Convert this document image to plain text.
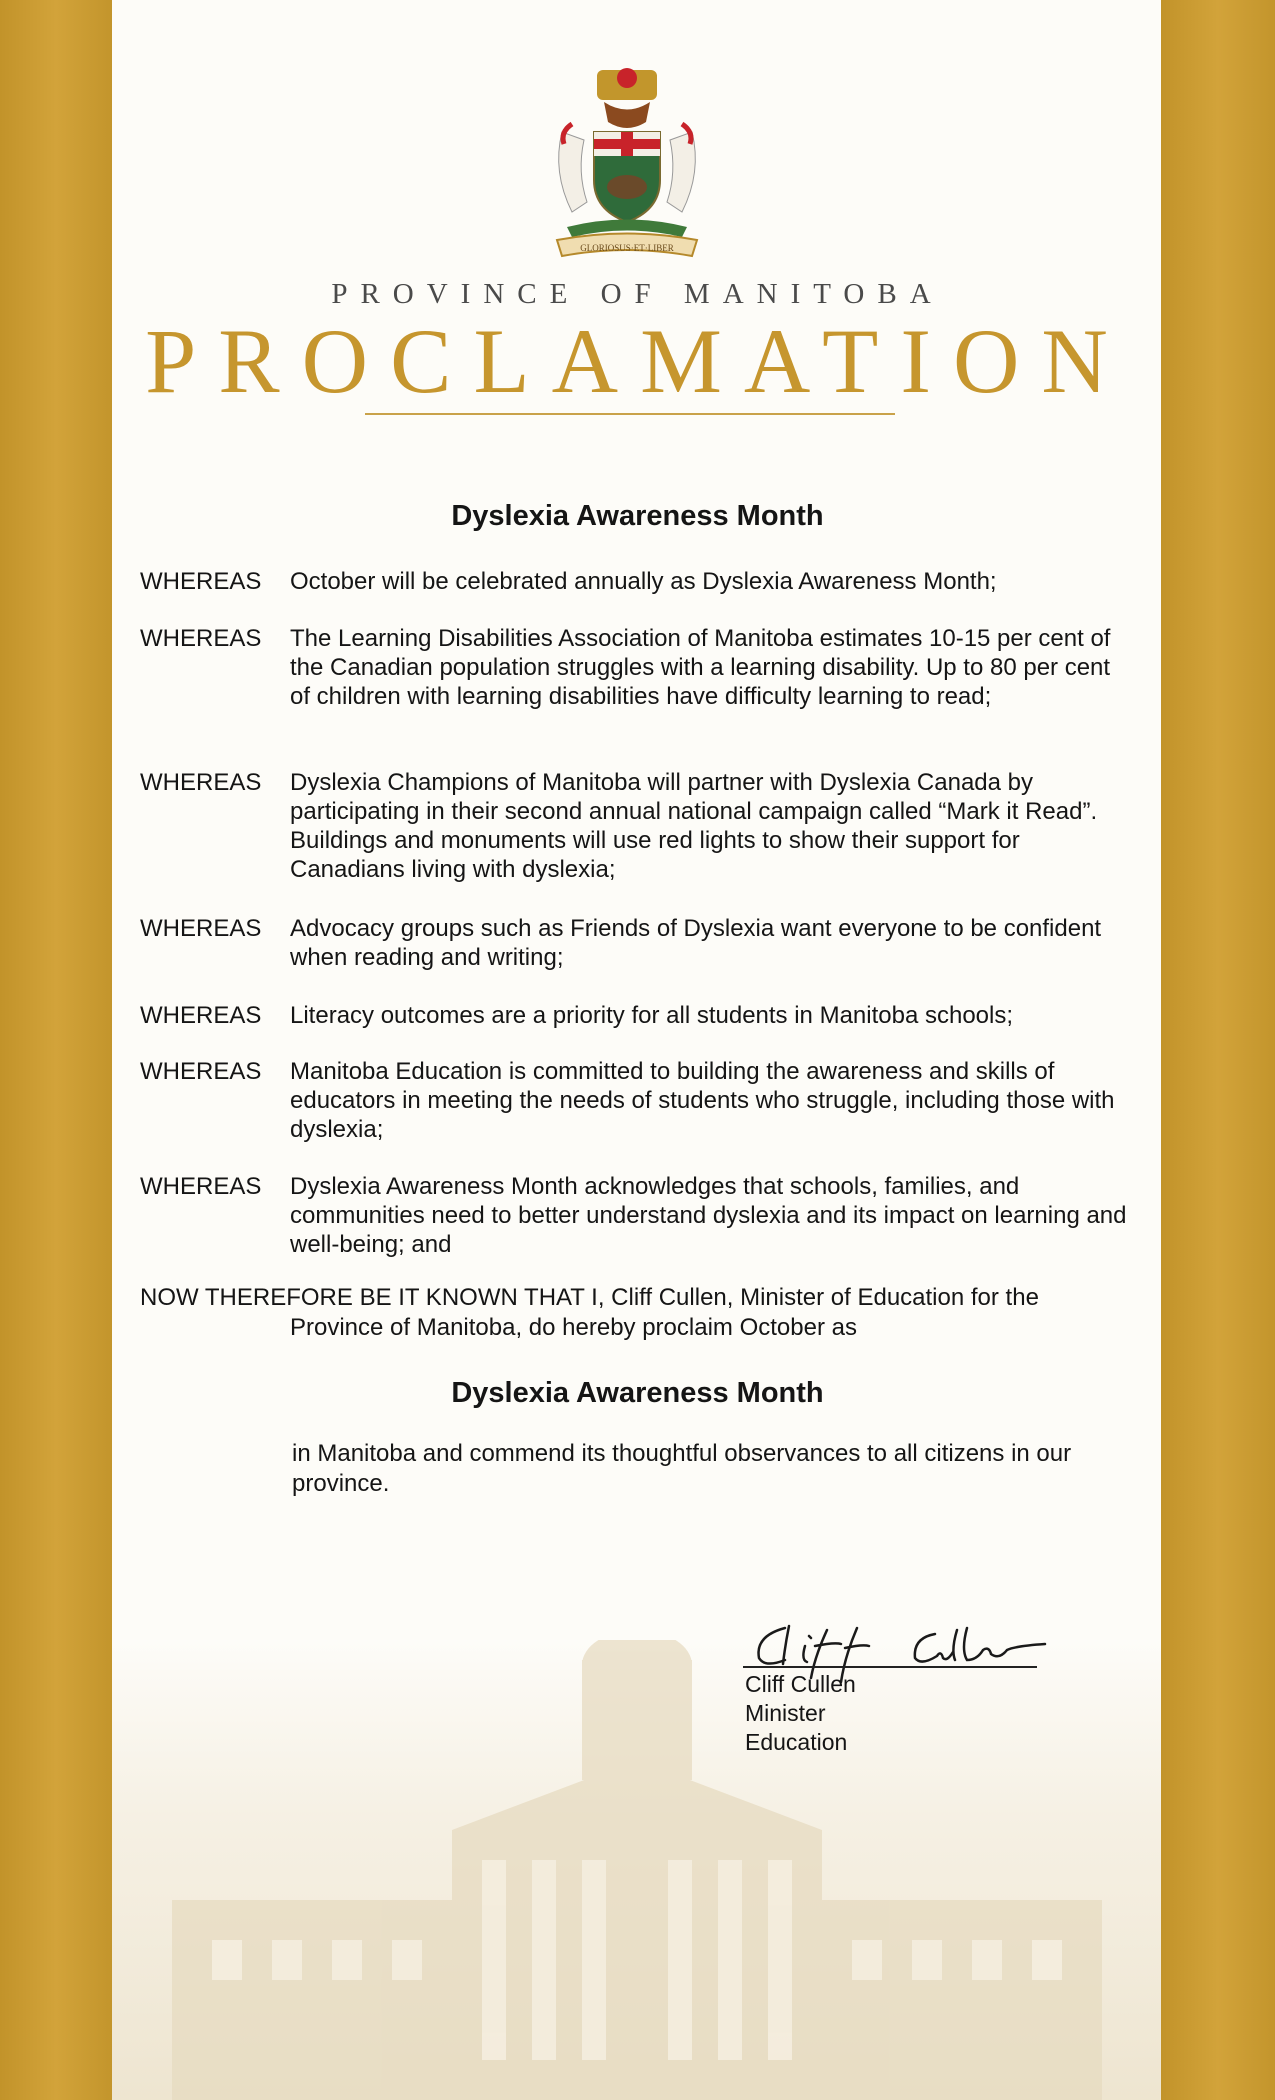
GLORIOSUS·ET·LIBER
PROVINCE OF MANITOBA
PROCLAMATION
Dyslexia Awareness Month
WHEREAS	October will be celebrated annually as Dyslexia Awareness Month;
WHEREAS	The Learning Disabilities Association of Manitoba estimates 10-15 per cent of the Canadian population struggles with a learning disability. Up to 80 per cent of children with learning disabilities have difficulty learning to read;
WHEREAS	Dyslexia Champions of Manitoba will partner with Dyslexia Canada by participating in their second annual national campaign called “Mark it Read”. Buildings and monuments will use red lights to show their support for Canadians living with dyslexia;
WHEREAS	Advocacy groups such as Friends of Dyslexia want everyone to be confident when reading and writing;
WHEREAS	Literacy outcomes are a priority for all students in Manitoba schools;
WHEREAS	Manitoba Education is committed to building the awareness and skills of educators in meeting the needs of students who struggle, including those with dyslexia;
WHEREAS	Dyslexia Awareness Month acknowledges that schools, families, and communities need to better understand dyslexia and its impact on learning and well-being; and
NOW THEREFORE BE IT KNOWN THAT I, Cliff Cullen, Minister of Education for the
Province of Manitoba, do hereby proclaim October as
Dyslexia Awareness Month
in Manitoba and commend its thoughtful observances to all citizens in our province.
Cliff Cullen
Minister
Education
